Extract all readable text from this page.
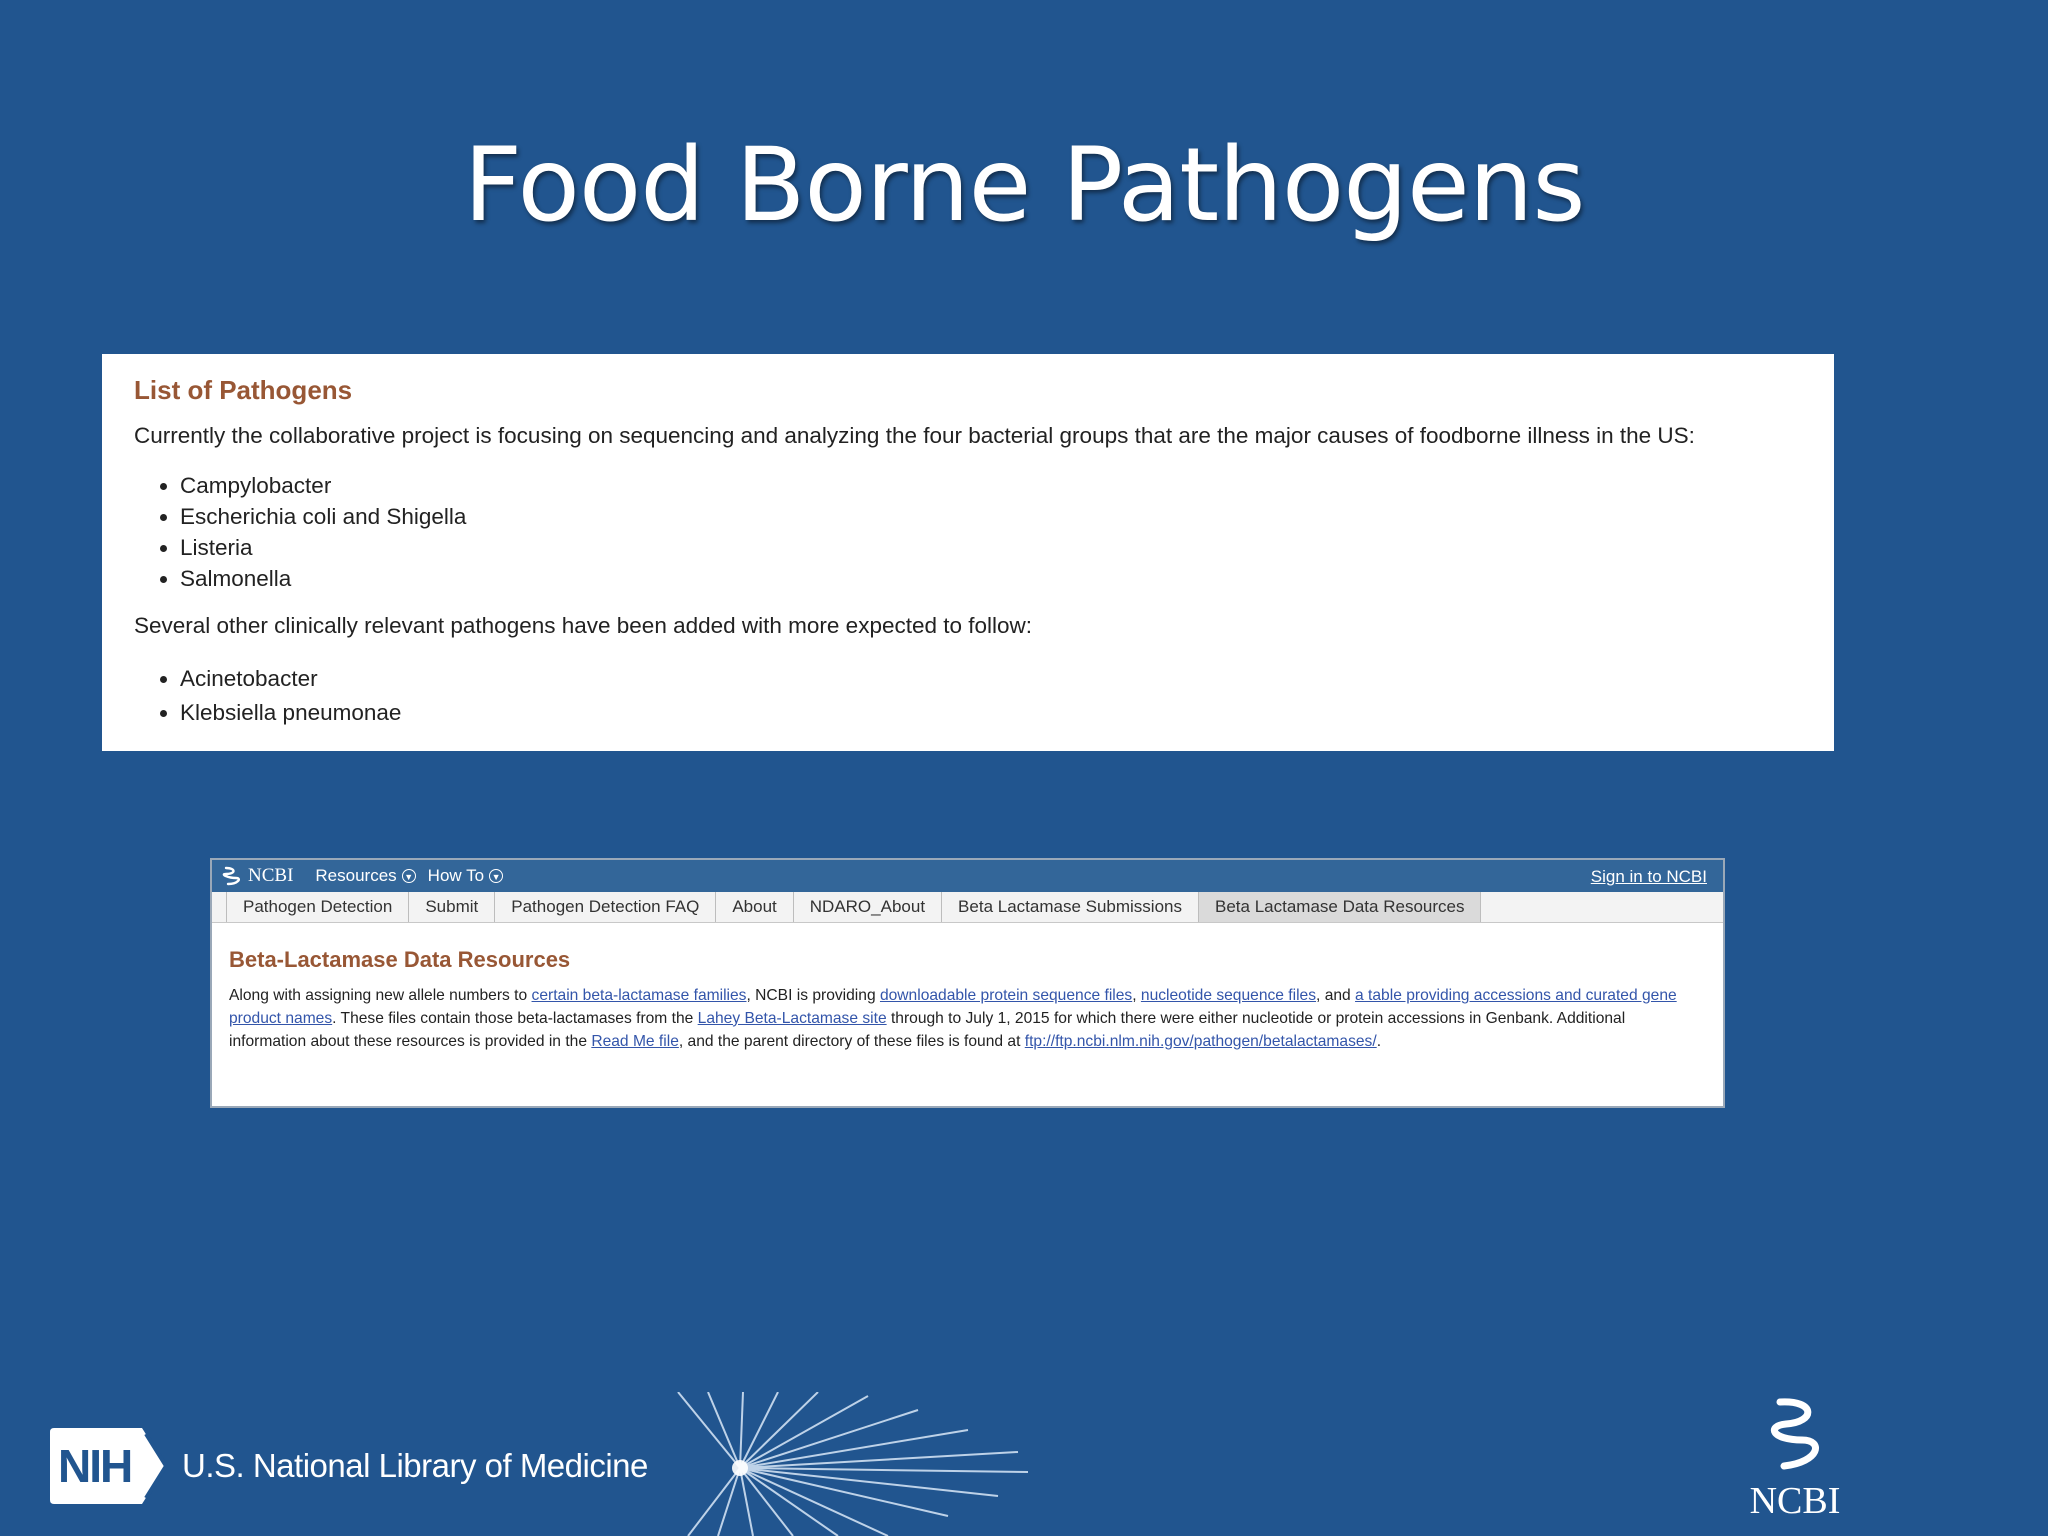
Food Borne Pathogens
List of Pathogens

Currently the collaborative project is focusing on sequencing and analyzing the four bacterial groups that are the major causes of foodborne illness in the US:

• Campylobacter
• Escherichia coli and Shigella
• Listeria
• Salmonella

Several other clinically relevant pathogens have been added with more expected to follow:

• Acinetobacter
• Klebsiella pneumonae
NCBI Resources ▼ How To ▼	Sign in to NCBI
Pathogen Detection	Submit	Pathogen Detection FAQ	About	NDARO_About	Beta Lactamase Submissions	Beta Lactamase Data Resources
Beta-Lactamase Data Resources
Along with assigning new allele numbers to certain beta-lactamase families, NCBI is providing downloadable protein sequence files, nucleotide sequence files, and a table providing accessions and curated gene product names. These files contain those beta-lactamases from the Lahey Beta-Lactamase site through to July 1, 2015 for which there were either nucleotide or protein accessions in Genbank. Additional information about these resources is provided in the Read Me file, and the parent directory of these files is found at ftp://ftp.ncbi.nlm.nih.gov/pathogen/betalactamases/.
NIH U.S. National Library of Medicine
NCBI
